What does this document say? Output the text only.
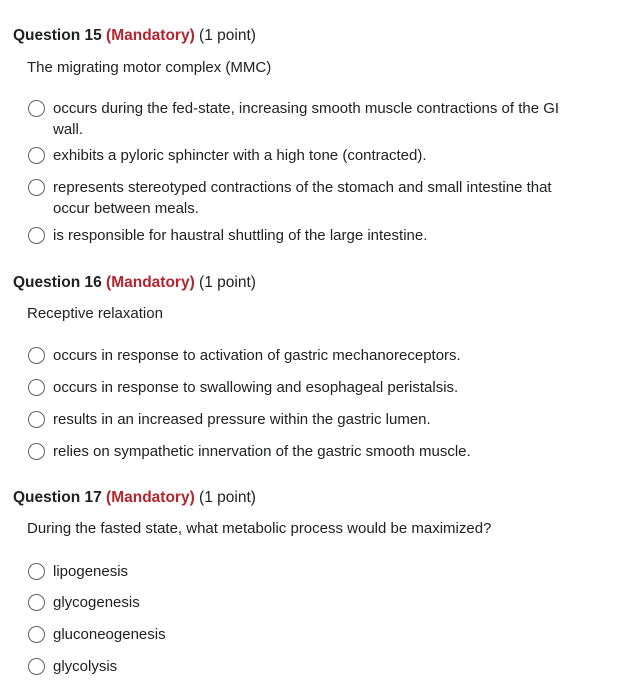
Question 15 (Mandatory) (1 point)
The migrating motor complex (MMC)
occurs during the fed-state, increasing smooth muscle contractions of the GI wall.
exhibits a pyloric sphincter with a high tone (contracted).
represents stereotyped contractions of the stomach and small intestine that occur between meals.
is responsible for haustral shuttling of the large intestine.
Question 16 (Mandatory) (1 point)
Receptive relaxation
occurs in response to activation of gastric mechanoreceptors.
occurs in response to swallowing and esophageal peristalsis.
results in an increased pressure within the gastric lumen.
relies on sympathetic innervation of the gastric smooth muscle.
Question 17 (Mandatory) (1 point)
During the fasted state, what metabolic process would be maximized?
lipogenesis
glycogenesis
gluconeogenesis
glycolysis
